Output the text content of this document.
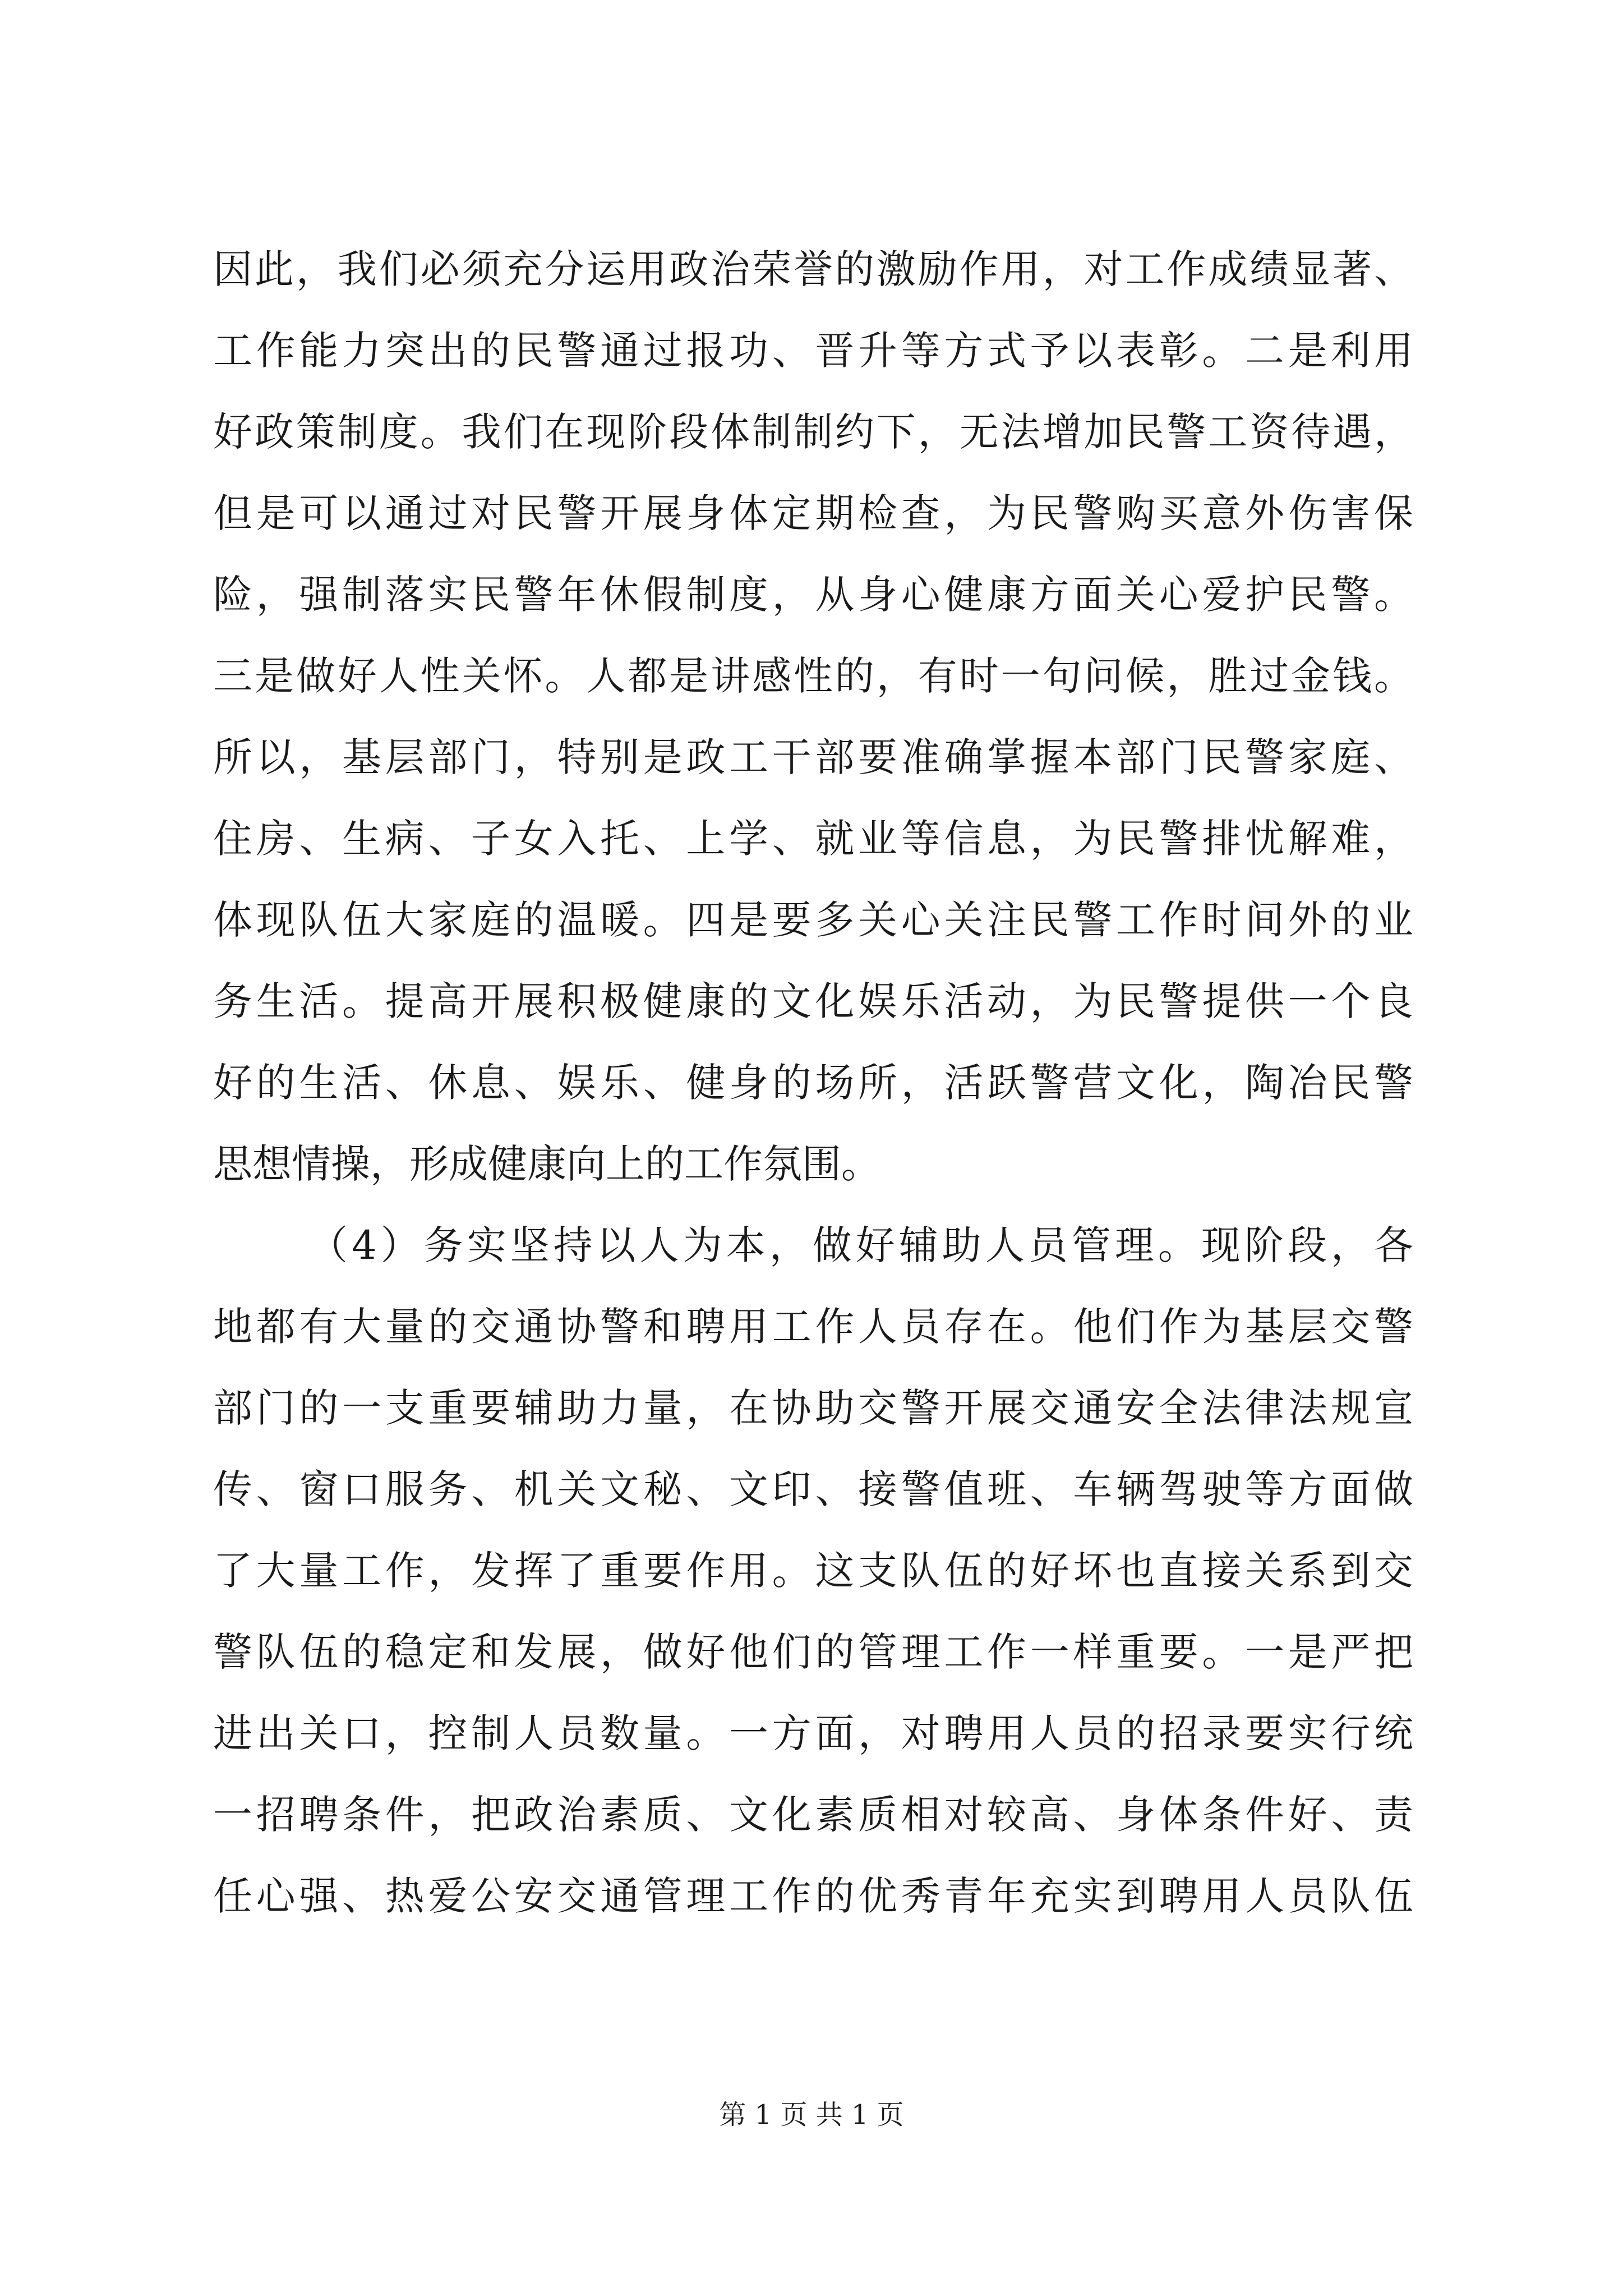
因此，我们必须充分运用政治荣誉的激励作用，对工作成绩显著、
工作能力突出的民警通过报功、晋升等方式予以表彰。二是利用
好政策制度。我们在现阶段体制制约下，无法增加民警工资待遇，
但是可以通过对民警开展身体定期检查，为民警购买意外伤害保
险，强制落实民警年休假制度，从身心健康方面关心爱护民警。
三是做好人性关怀。人都是讲感性的，有时一句问候，胜过金钱。
所以，基层部门，特别是政工干部要准确掌握本部门民警家庭、
住房、生病、子女入托、上学、就业等信息，为民警排忧解难，
体现队伍大家庭的温暖。四是要多关心关注民警工作时间外的业
务生活。提高开展积极健康的文化娱乐活动，为民警提供一个良
好的生活、休息、娱乐、健身的场所，活跃警营文化，陶冶民警
思想情操，形成健康向上的工作氛围。
（4）务实坚持以人为本，做好辅助人员管理。现阶段，各
地都有大量的交通协警和聘用工作人员存在。他们作为基层交警
部门的一支重要辅助力量，在协助交警开展交通安全法律法规宣
传、窗口服务、机关文秘、文印、接警值班、车辆驾驶等方面做
了大量工作，发挥了重要作用。这支队伍的好坏也直接关系到交
警队伍的稳定和发展，做好他们的管理工作一样重要。一是严把
进出关口，控制人员数量。一方面，对聘用人员的招录要实行统
一招聘条件，把政治素质、文化素质相对较高、身体条件好、责
任心强、热爱公安交通管理工作的优秀青年充实到聘用人员队伍
第 1 页 共 1 页
